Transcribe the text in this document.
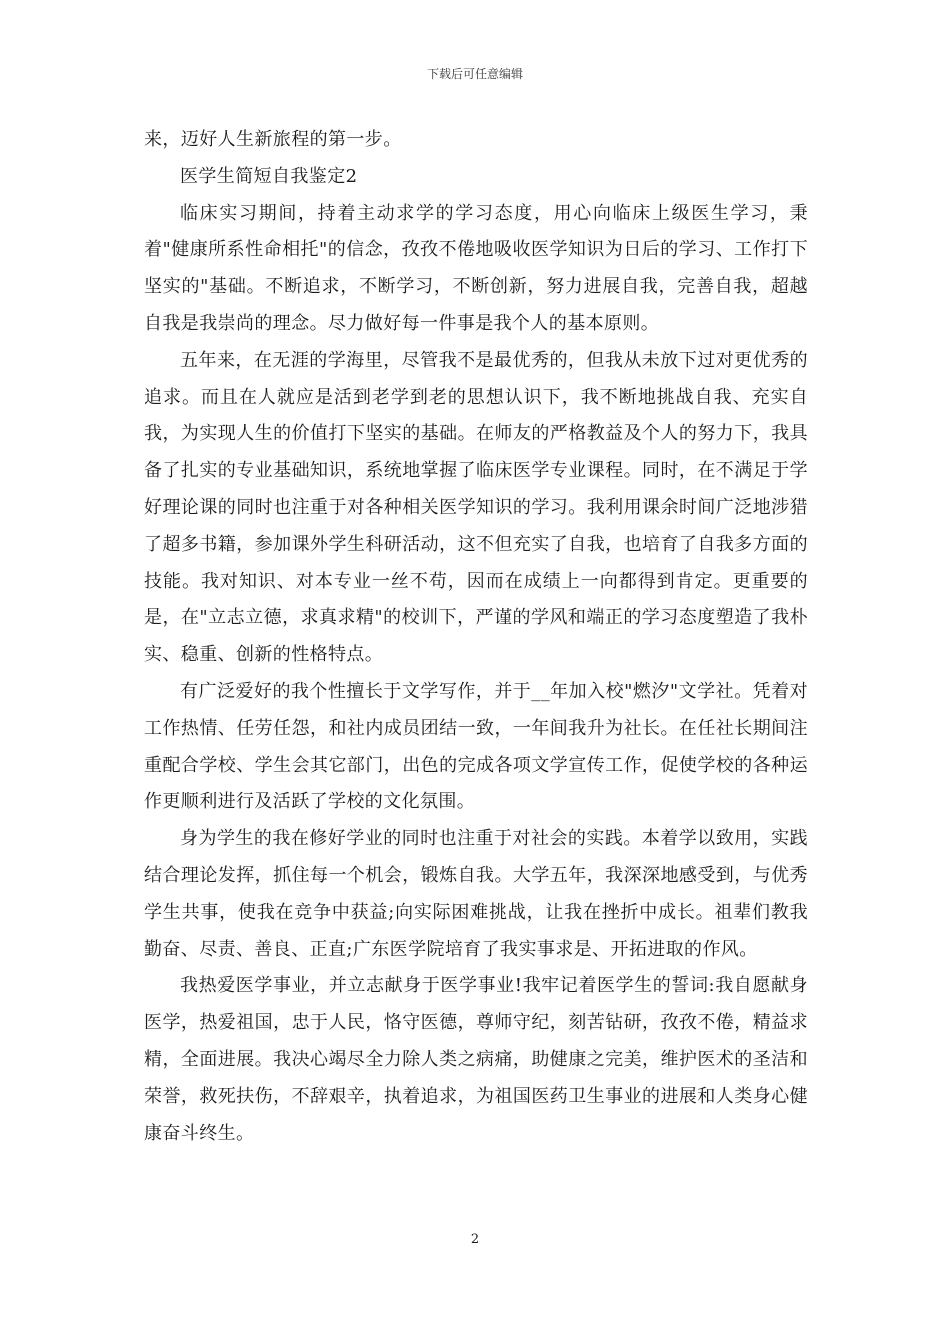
下载后可任意编辑

来，迈好人生新旅程的第一步。

医学生简短自我鉴定2

临床实习期间，持着主动求学的学习态度，用心向临床上级医生学习，秉着"健康所系性命相托"的信念，孜孜不倦地吸收医学知识为日后的学习、工作打下坚实的"基础。不断追求，不断学习，不断创新，努力进展自我，完善自我，超越自我是我崇尚的理念。尽力做好每一件事是我个人的基本原则。

五年来，在无涯的学海里，尽管我不是最优秀的，但我从未放下过对更优秀的追求。而且在人就应是活到老学到老的思想认识下，我不断地挑战自我、充实自我，为实现人生的价值打下坚实的基础。在师友的严格教益及个人的努力下，我具备了扎实的专业基础知识，系统地掌握了临床医学专业课程。同时，在不满足于学好理论课的同时也注重于对各种相关医学知识的学习。我利用课余时间广泛地涉猎了超多书籍，参加课外学生科研活动，这不但充实了自我，也培育了自我多方面的技能。我对知识、对本专业一丝不苟，因而在成绩上一向都得到肯定。更重要的是，在"立志立德，求真求精"的校训下，严谨的学风和端正的学习态度塑造了我朴实、稳重、创新的性格特点。

有广泛爱好的我个性擅长于文学写作，并于__年加入校"燃汐"文学社。凭着对工作热情、任劳任怨，和社内成员团结一致，一年间我升为社长。在任社长期间注重配合学校、学生会其它部门，出色的完成各项文学宣传工作，促使学校的各种运作更顺利进行及活跃了学校的文化氛围。

身为学生的我在修好学业的同时也注重于对社会的实践。本着学以致用，实践结合理论发挥，抓住每一个机会，锻炼自我。大学五年，我深深地感受到，与优秀学生共事，使我在竞争中获益;向实际困难挑战，让我在挫折中成长。祖辈们教我勤奋、尽责、善良、正直;广东医学院培育了我实事求是、开拓进取的作风。

我热爱医学事业，并立志献身于医学事业!我牢记着医学生的誓词:我自愿献身医学，热爱祖国，忠于人民，恪守医德，尊师守纪，刻苦钻研，孜孜不倦，精益求精，全面进展。我决心竭尽全力除人类之病痛，助健康之完美，维护医术的圣洁和荣誉，救死扶伤，不辞艰辛，执着追求，为祖国医药卫生事业的进展和人类身心健康奋斗终生。

2
